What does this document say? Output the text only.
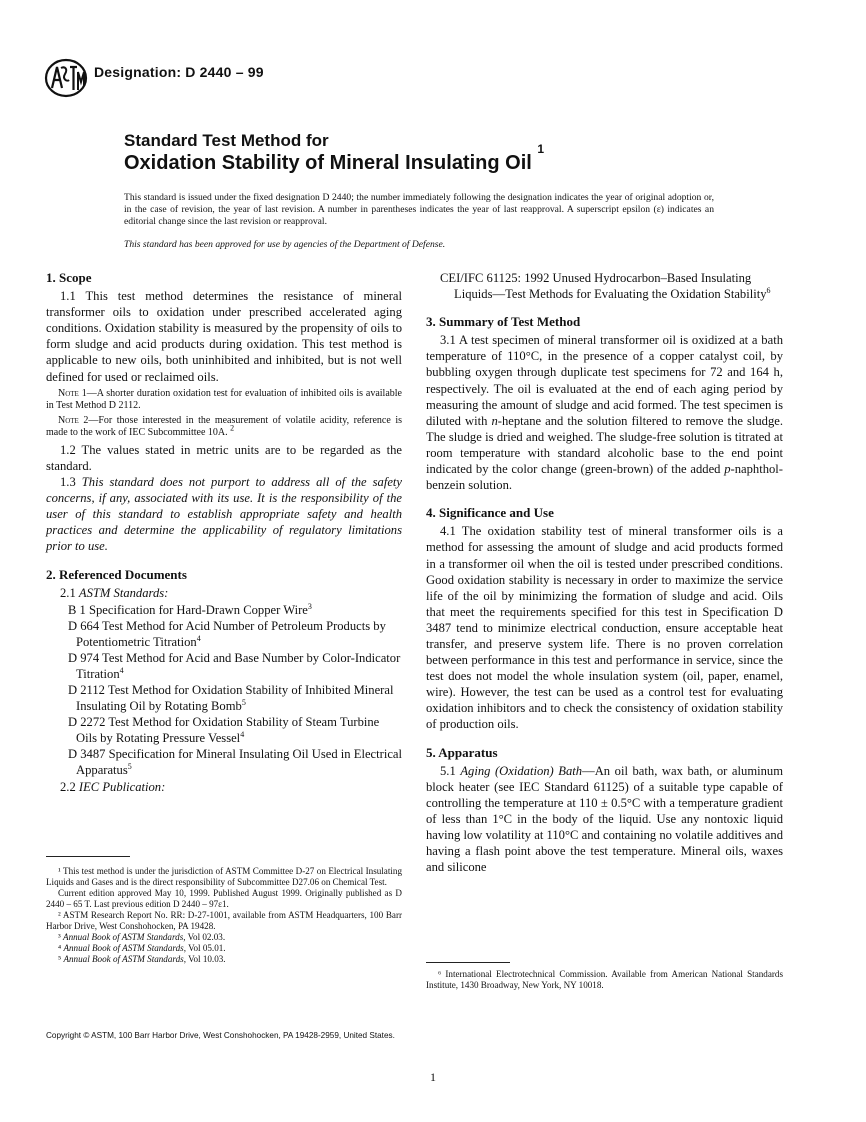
Designation: D 2440 – 99
Standard Test Method for
Oxidation Stability of Mineral Insulating Oil $^1$
This standard is issued under the fixed designation D 2440; the number immediately following the designation indicates the year of original adoption or, in the case of revision, the year of last revision. A number in parentheses indicates the year of last reapproval. A superscript epsilon (ε) indicates an editorial change since the last revision or reapproval.
This standard has been approved for use by agencies of the Department of Defense.
1. Scope

1.1 This test method determines the resistance of mineral transformer oils to oxidation under prescribed accelerated aging conditions. Oxidation stability is measured by the propensity of oils to form sludge and acid products during oxidation. This test method is applicable to new oils, both uninhibited and inhibited, but is not well defined for used or reclaimed oils.

Note 1—A shorter duration oxidation test for evaluation of inhibited oils is available in Test Method D 2112.

Note 2—For those interested in the measurement of volatile acidity, reference is made to the work of IEC Subcommittee 10A. $^2$

1.2 The values stated in metric units are to be regarded as the standard.

1.3 This standard does not purport to address all of the safety concerns, if any, associated with its use. It is the responsibility of the user of this standard to establish appropriate safety and health practices and determine the applicability of regulatory limitations prior to use.

2. Referenced Documents
2.1 ASTM Standards:
B 1 Specification for Hard-Drawn Copper Wire$^3$
D 664 Test Method for Acid Number of Petroleum Products by Potentiometric Titration$^4$
D 974 Test Method for Acid and Base Number by Color-Indicator Titration$^4$
D 2112 Test Method for Oxidation Stability of Inhibited Mineral Insulating Oil by Rotating Bomb$^5$
D 2272 Test Method for Oxidation Stability of Steam Turbine Oils by Rotating Pressure Vessel$^4$
D 3487 Specification for Mineral Insulating Oil Used in Electrical Apparatus$^5$
2.2 IEC Publication:
CEI/IFC 61125: 1992 Unused Hydrocarbon–Based Insulating Liquids—Test Methods for Evaluating the Oxidation Stability$^6$
3. Summary of Test Method

3.1 A test specimen of mineral transformer oil is oxidized at a bath temperature of 110°C, in the presence of a copper catalyst coil, by bubbling oxygen through duplicate test specimens for 72 and 164 h, respectively. The oil is evaluated at the end of each aging period by measuring the amount of sludge and acid formed. The test specimen is diluted with n-heptane and the solution filtered to remove the sludge. The sludge is dried and weighed. The sludge-free solution is titrated at room temperature with standard alcoholic base to the end point indicated by the color change (green-brown) of the added p-naphthol-benzein solution.

4. Significance and Use

4.1 The oxidation stability test of mineral transformer oils is a method for assessing the amount of sludge and acid products formed in a transformer oil when the oil is tested under prescribed conditions. Good oxidation stability is necessary in order to maximize the service life of the oil by minimizing the formation of sludge and acid. Oils that meet the requirements specified for this test in Specification D 3487 tend to minimize electrical conduction, ensure acceptable heat transfer, and preserve system life. There is no proven correlation between performance in this test and performance in service, since the test does not model the whole insulation system (oil, paper, enamel, wire). However, the test can be used as a control test for evaluating oxidation inhibitors and to check the consistency of oxidation stability of production oils.

5. Apparatus

5.1 Aging (Oxidation) Bath—An oil bath, wax bath, or aluminum block heater (see IEC Standard 61125) of a suitable type capable of controlling the temperature at 110 ± 0.5°C with a temperature gradient of less than 1°C in the body of the liquid. Use any nontoxic liquid having low volatility at 110°C and containing no volatile additives and having a flash point above the test temperature. Mineral oils, waxes and silicone

¹ This test method is under the jurisdiction of ASTM Committee D-27 on Electrical Insulating Liquids and Gases and is the direct responsibility of Subcommittee D27.06 on Chemical Test.

Current edition approved May 10, 1999. Published August 1999. Originally published as D 2440 – 65 T. Last previous edition D 2440 – 97ε1.

² ASTM Research Report No. RR: D-27-1001, available from ASTM Headquarters, 100 Barr Harbor Drive, West Conshohocken, PA 19428.

³ Annual Book of ASTM Standards, Vol 02.03.

⁴ Annual Book of ASTM Standards, Vol 05.01.

⁵ Annual Book of ASTM Standards, Vol 10.03.

⁶ International Electrotechnical Commission. Available from American National Standards Institute, 1430 Broadway, New York, NY 10018.
Copyright © ASTM, 100 Barr Harbor Drive, West Conshohocken, PA 19428-2959, United States.
1
